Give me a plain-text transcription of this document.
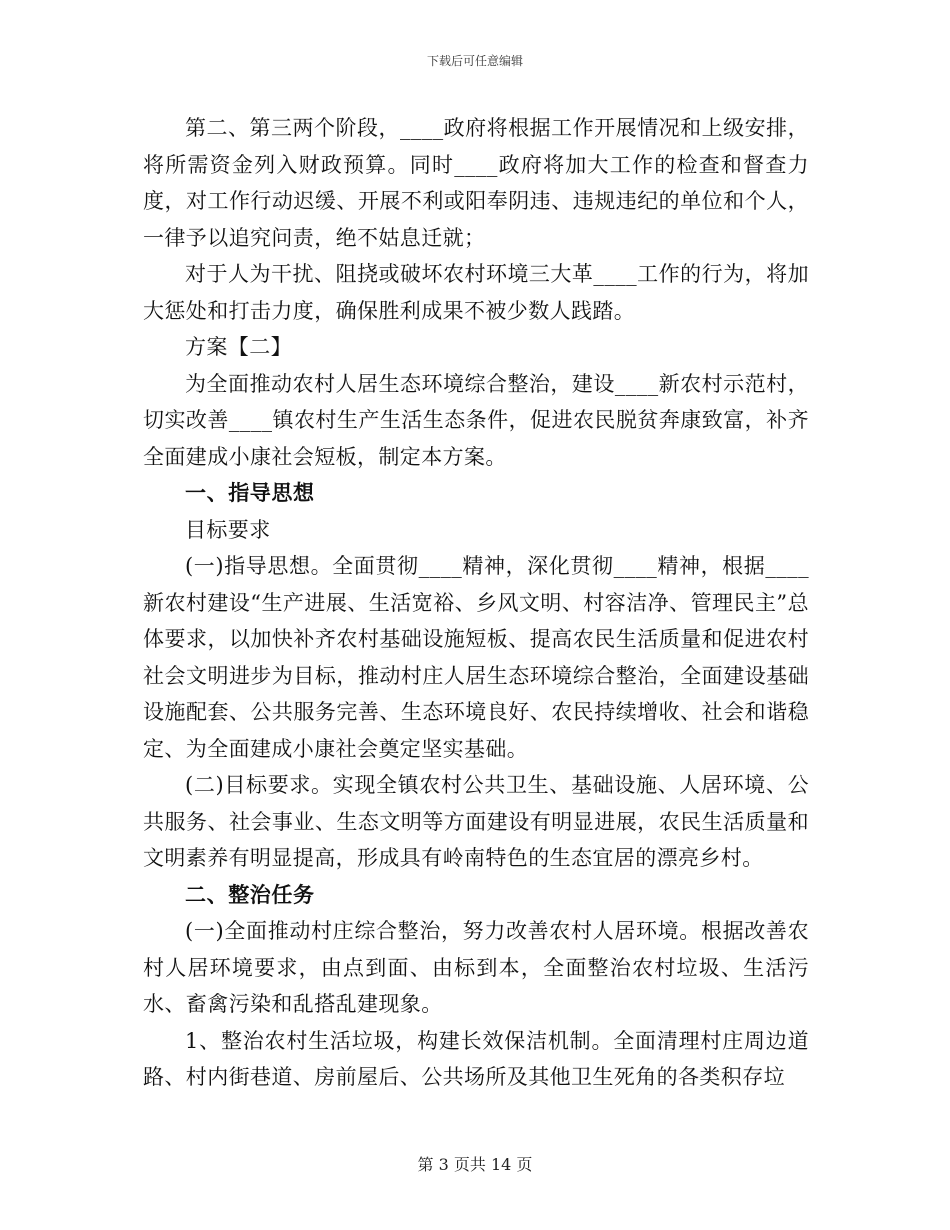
下载后可任意编辑

第二、第三两个阶段，____政府将根据工作开展情况和上级安排，将所需资金列入财政预算。同时____政府将加大工作的检查和督查力度，对工作行动迟缓、开展不利或阳奉阴违、违规违纪的单位和个人，一律予以追究问责，绝不姑息迁就；

对于人为干扰、阻挠或破坏农村环境三大革____工作的行为，将加大惩处和打击力度，确保胜利成果不被少数人践踏。

方案【二】

为全面推动农村人居生态环境综合整治，建设____新农村示范村，切实改善____镇农村生产生活生态条件，促进农民脱贫奔康致富，补齐全面建成小康社会短板，制定本方案。

一、指导思想

目标要求

(一)指导思想。全面贯彻____精神，深化贯彻____精神，根据____新农村建设“生产进展、生活宽裕、乡风文明、村容洁净、管理民主”总体要求，以加快补齐农村基础设施短板、提高农民生活质量和促进农村社会文明进步为目标，推动村庄人居生态环境综合整治，全面建设基础设施配套、公共服务完善、生态环境良好、农民持续增收、社会和谐稳定、为全面建成小康社会奠定坚实基础。

(二)目标要求。实现全镇农村公共卫生、基础设施、人居环境、公共服务、社会事业、生态文明等方面建设有明显进展，农民生活质量和文明素养有明显提高，形成具有岭南特色的生态宜居的漂亮乡村。

二、整治任务

(一)全面推动村庄综合整治，努力改善农村人居环境。根据改善农村人居环境要求，由点到面、由标到本，全面整治农村垃圾、生活污水、畜禽污染和乱搭乱建现象。

1、整治农村生活垃圾，构建长效保洁机制。全面清理村庄周边道路、村内街巷道、房前屋后、公共场所及其他卫生死角的各类积存垃

第 3 页共 14 页
